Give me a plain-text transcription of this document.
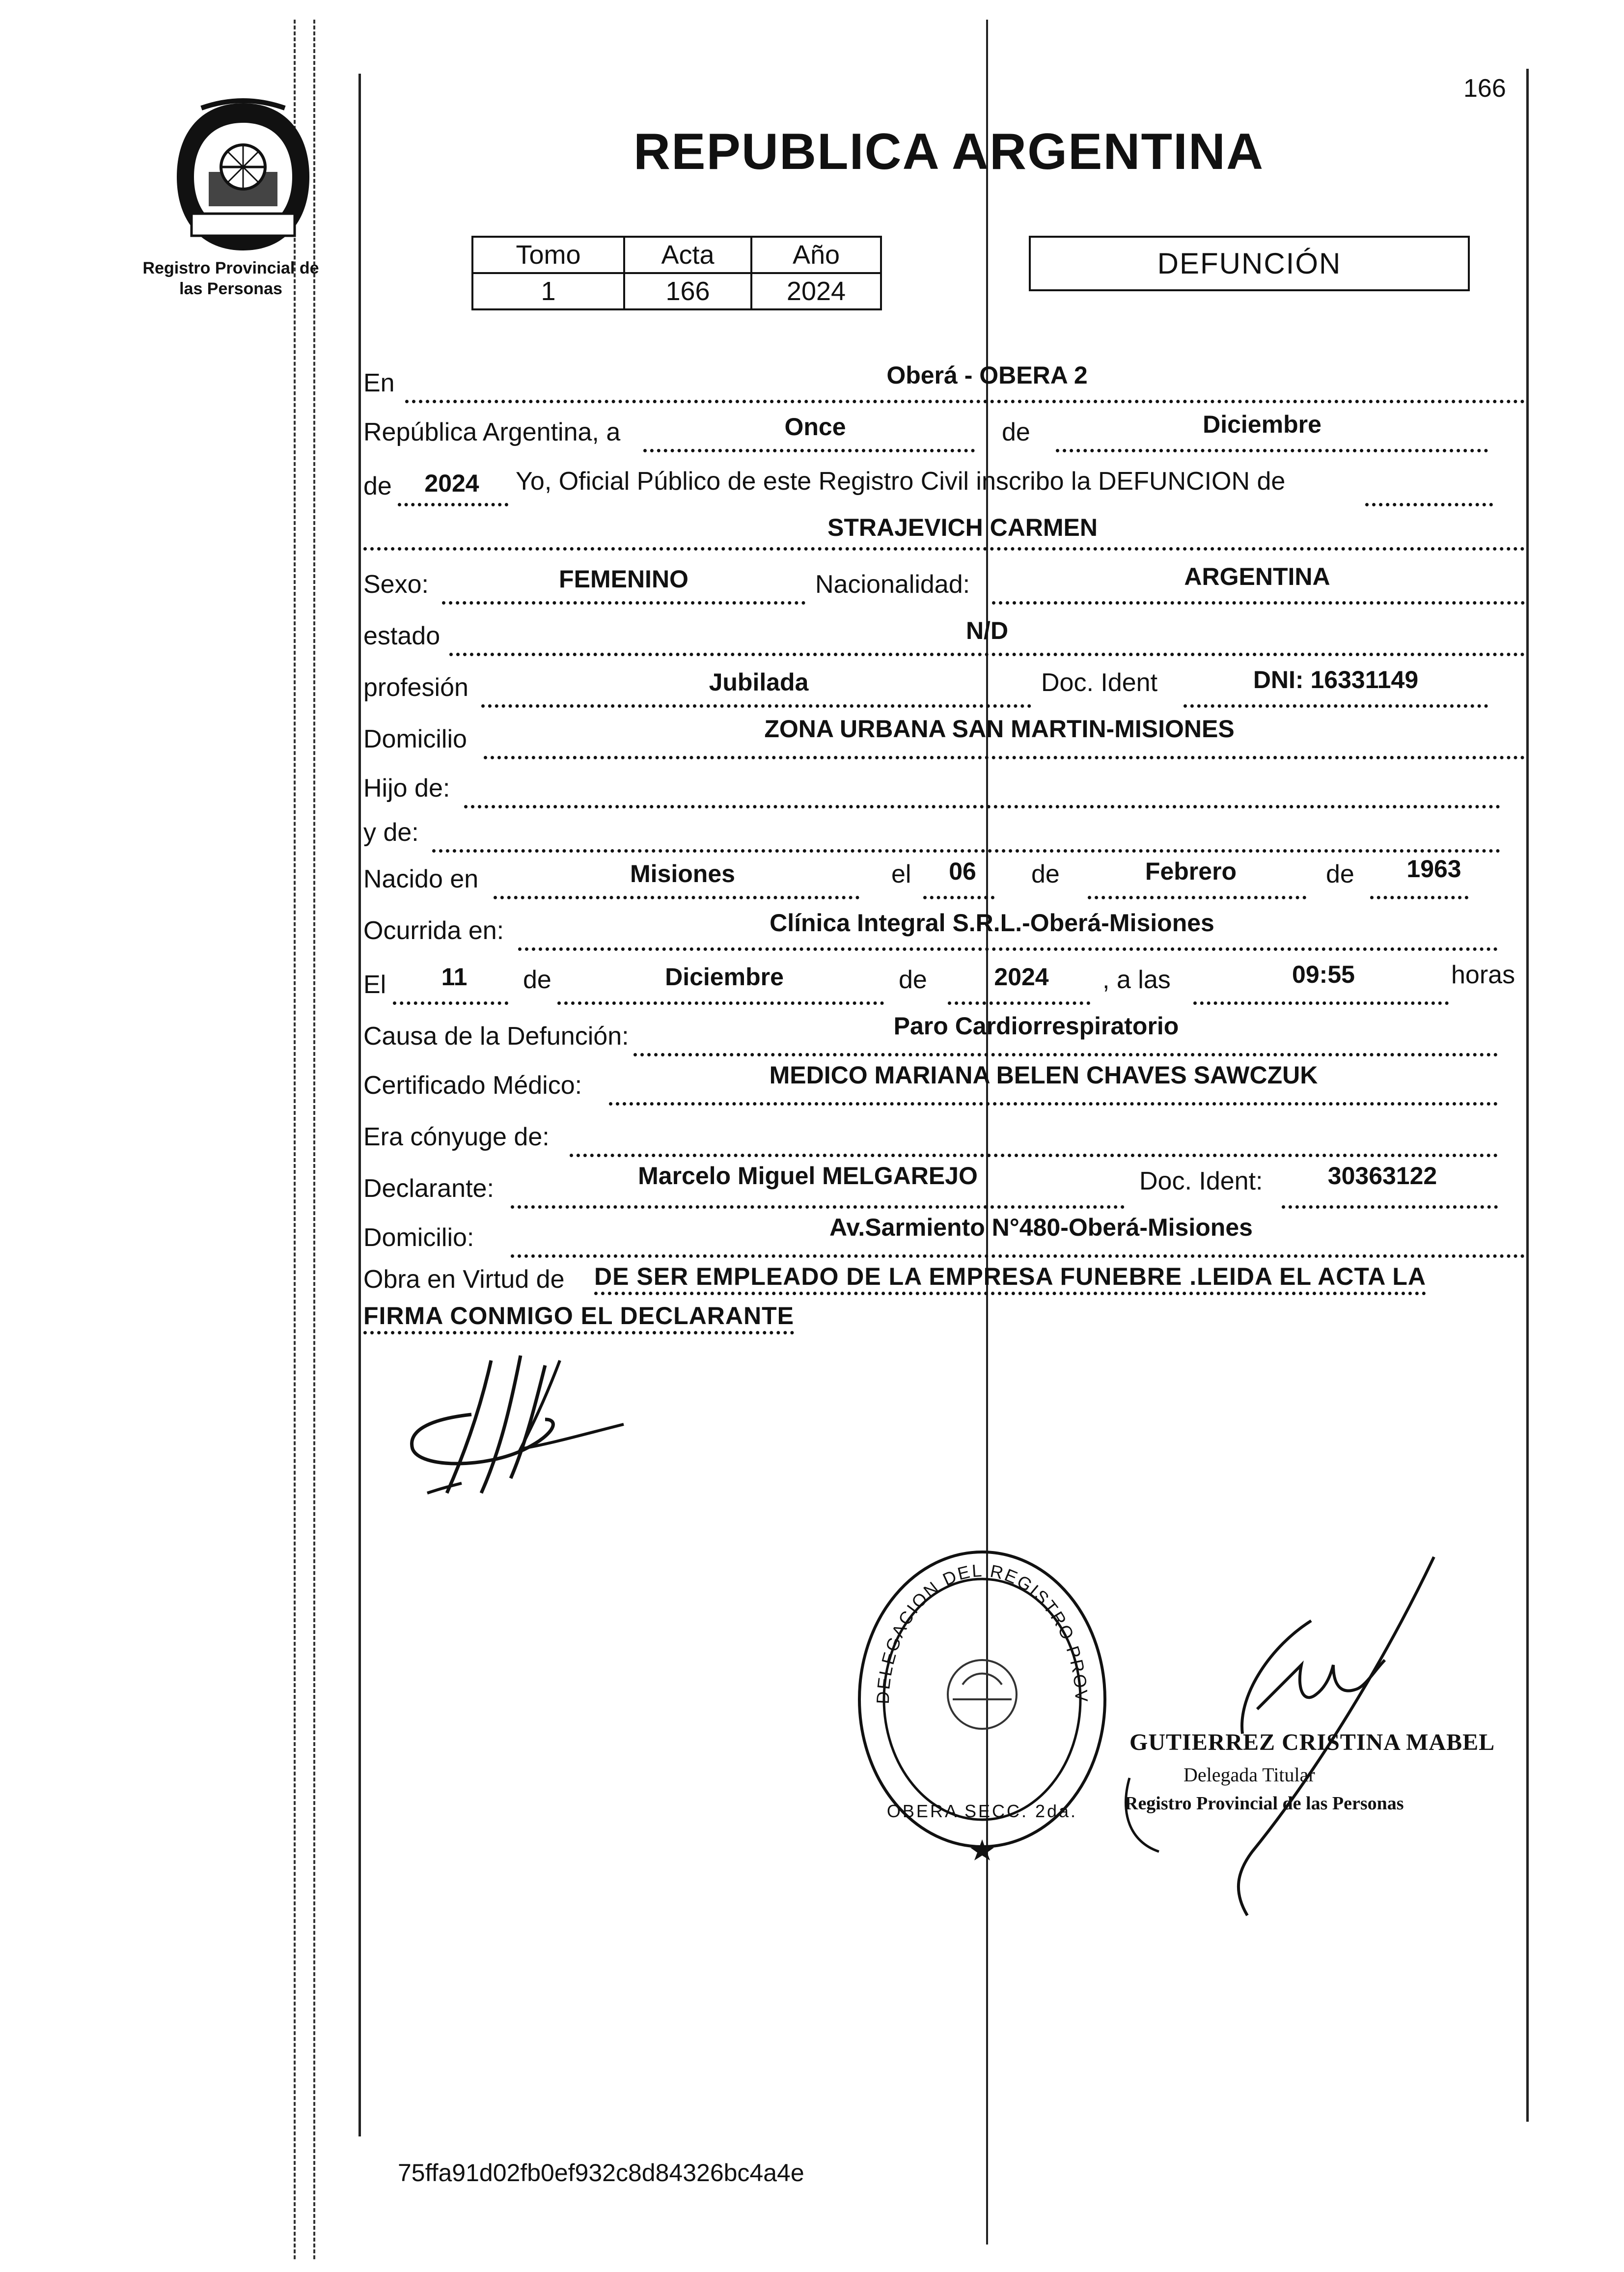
Registro Provincial de
las Personas
166
REPUBLICA ARGENTINA
Tomo	Acta	Año
1	166	2024
DEFUNCIÓN
En	Oberá - OBERA 2
República Argentina, a	Once	de	Diciembre
de 2024 Yo, Oficial Público de este Registro Civil inscribo la DEFUNCION de
STRAJEVICH CARMEN
Sexo:	FEMENINO	Nacionalidad:	ARGENTINA
estado	N/D
profesión	Jubilada	Doc. Ident	DNI: 16331149
Domicilio	ZONA URBANA SAN MARTIN-MISIONES
Hijo de:
y de:
Nacido en	Misiones	el 06 de	Febrero	de 1963
Ocurrida en:	Clínica Integral S.R.L.-Oberá-Misiones
El 11 de	Diciembre	de	2024 , a las	09:55	horas
Causa de la Defunción:	Paro Cardiorrespiratorio
Certificado Médico:	MEDICO MARIANA BELEN CHAVES SAWCZUK
Era cónyuge de:
Declarante:	Marcelo Miguel MELGAREJO	Doc. Ident:	30363122
Domicilio:	Av.Sarmiento N°480-Oberá-Misiones
Obra en Virtud de DE SER EMPLEADO DE LA EMPRESA FUNEBRE .LEIDA EL ACTA LA
FIRMA CONMIGO EL DECLARANTE
DELEGACION DEL REGISTRO PROVINCIAL DE LAS PERSONAS
OBERA SECC. 2da.
GUTIERREZ CRISTINA MABEL
Delegada Titular
Registro Provincial de las Personas
75ffa91d02fb0ef932c8d84326bc4a4e
